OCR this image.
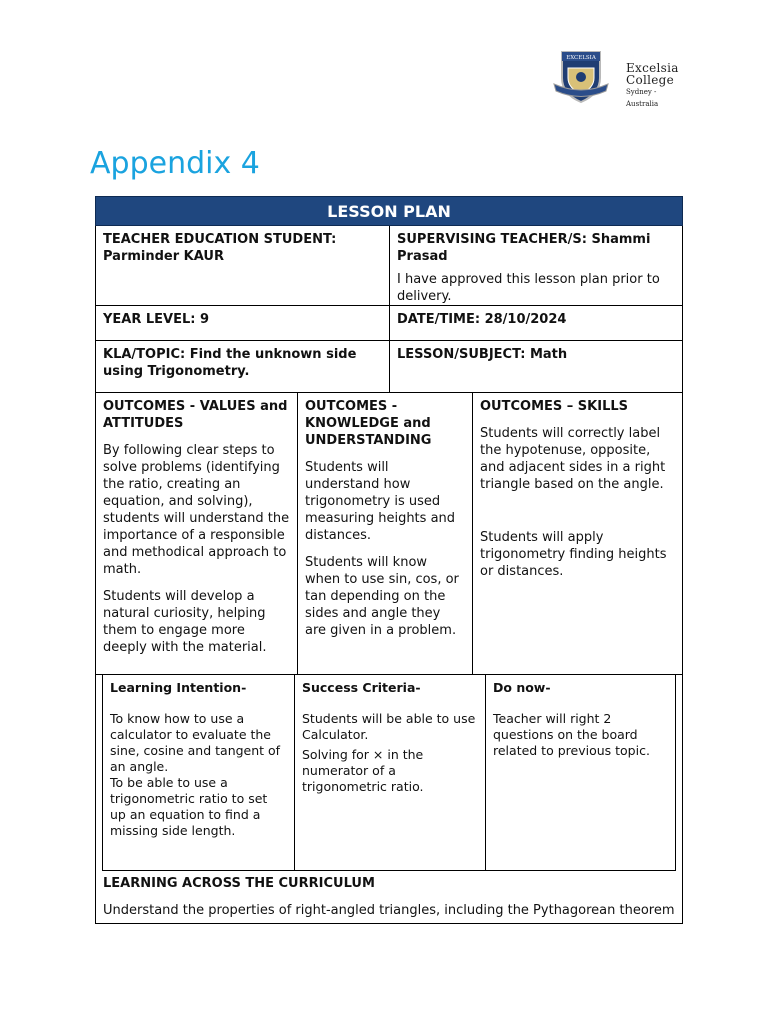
EXCELSIA
Excelsia
College
Sydney - Australia
Appendix 4
LESSON PLAN
TEACHER EDUCATION STUDENT:
Parminder KAUR
SUPERVISING TEACHER/S: Shammi Prasad
I have approved this lesson plan prior to delivery.
YEAR LEVEL: 9	DATE/TIME: 28/10/2024
KLA/TOPIC: Find the unknown side using Trigonometry.
LESSON/SUBJECT: Math
OUTCOMES - VALUES and ATTITUDES

By following clear steps to solve problems (identifying the ratio, creating an equation, and solving), students will understand the importance of a responsible and methodical approach to math.

Students will develop a natural curiosity, helping them to engage more deeply with the material.

OUTCOMES - KNOWLEDGE and UNDERSTANDING

Students will understand how trigonometry is used measuring heights and distances.

Students will know when to use sin, cos, or tan depending on the sides and angle they are given in a problem.

OUTCOMES – SKILLS

Students will correctly label the hypotenuse, opposite, and adjacent sides in a right triangle based on the angle.

Students will apply trigonometry finding heights or distances.

Learning Intention-
To know how to use a calculator to evaluate the sine, cosine and tangent of an angle.
To be able to use a trigonometric ratio to set up an equation to find a missing side length.
Success Criteria-
Students will be able to use Calculator.
Solving for × in the numerator of a trigonometric ratio.
Do now-
Teacher will right 2 questions on the board related to previous topic.
LEARNING ACROSS THE CURRICULUM
Understand the properties of right-angled triangles, including the Pythagorean theorem
